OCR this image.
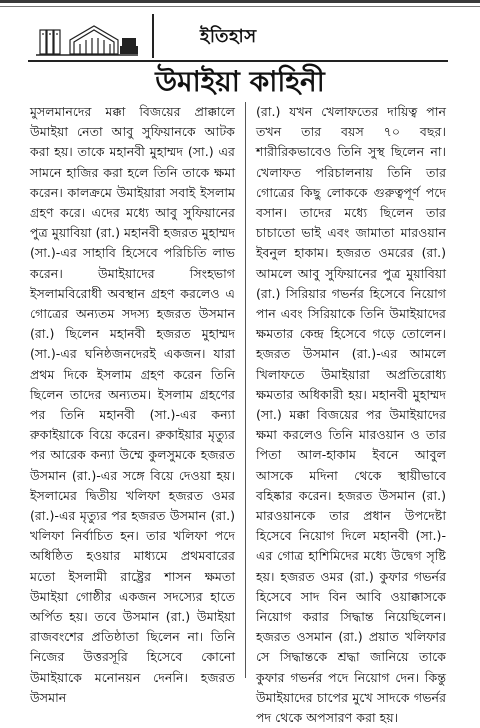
ইতিহাস
উমাইয়া কাহিনী

মুসলমানদের মক্কা বিজয়ের প্রাক্কালে উমাইয়া নেতা আবু সুফিয়ানকে আটক করা হয়। তাকে মহানবী মুহাম্মদ (সা.) এর সামনে হাজির করা হলে তিনি তাকে ক্ষমা করেন। কালক্রমে উমাইয়ারা সবাই ইসলাম গ্রহণ করে। এদের মধ্যে আবু সুফিয়ানের পুত্র মুয়াবিয়া (রা.) মহানবী হজরত মুহাম্মদ (সা.)-এর সাহাবি হিসেবে পরিচিতি লাভ করেন। উমাইয়াদের সিংহভাগ ইসলামবিরোধী অবস্থান গ্রহণ করলেও এ গোত্রের অন্যতম সদস্য হজরত উসমান (রা.) ছিলেন মহানবী হজরত মুহাম্মদ (সা.)-এর ঘনিষ্ঠজনদেরই একজন। যারা প্রথম দিকে ইসলাম গ্রহণ করেন তিনি ছিলেন তাদের অন্যতম। ইসলাম গ্রহণের পর তিনি মহানবী (সা.)-এর কন্যা রুকাইয়াকে বিয়ে করেন। রুকাইয়ার মৃত্যুর পর আরেক কন্যা উম্মে কুলসুমকে হজরত উসমান (রা.)-এর সঙ্গে বিয়ে দেওয়া হয়। ইসলামের দ্বিতীয় খলিফা হজরত ওমর (রা.)-এর মৃত্যুর পর হজরত উসমান (রা.) খলিফা নির্বাচিত হন। তার খলিফা পদে অধিষ্ঠিত হওয়ার মাধ্যমে প্রথমবারের মতো ইসলামী রাষ্ট্রের শাসন ক্ষমতা উমাইয়া গোষ্ঠীর একজন সদস্যের হাতে অর্পিত হয়। তবে উসমান (রা.) উমাইয়া রাজবংশের প্রতিষ্ঠাতা ছিলেন না। তিনি নিজের উত্তরসূরি হিসেবে কোনো উমাইয়াকে মনোনয়ন দেননি। হজরত উসমান

(রা.) যখন খেলাফতের দায়িত্ব পান তখন তার বয়স ৭০ বছর। শারীরিকভাবেও তিনি সুস্থ ছিলেন না। খেলাফত পরিচালনায় তিনি তার গোত্রের কিছু লোককে গুরুত্বপূর্ণ পদে বসান। তাদের মধ্যে ছিলেন তার চাচাতো ভাই এবং জামাতা মারওয়ান ইবনুল হাকাম। হজরত ওমরের (রা.) আমলে আবু সুফিয়ানের পুত্র মুয়াবিয়া (রা.) সিরিয়ার গভর্নর হিসেবে নিয়োগ পান এবং সিরিয়াকে তিনি উমাইয়াদের ক্ষমতার কেন্দ্র হিসেবে গড়ে তোলেন। হজরত উসমান (রা.)-এর আমলে খিলাফতে উমাইয়ারা অপ্রতিরোধ্য ক্ষমতার অধিকারী হয়। মহানবী মুহাম্মদ (সা.) মক্কা বিজয়ের পর উমাইয়াদের ক্ষমা করলেও তিনি মারওয়ান ও তার পিতা আল-হাকাম ইবনে আবুল আসকে মদিনা থেকে স্থায়ীভাবে বহিষ্কার করেন। হজরত উসমান (রা.) মারওয়ানকে তার প্রধান উপদেষ্টা হিসেবে নিয়োগ দিলে মহানবী (সা.)-এর গোত্র হাশিমিদের মধ্যে উদ্বেগ সৃষ্টি হয়। হজরত ওমর (রা.) কুফার গভর্নর হিসেবে সাদ বিন আবি ওয়াক্কাসকে নিয়োগ করার সিদ্ধান্ত নিয়েছিলেন। হজরত ওসমান (রা.) প্রয়াত খলিফার সে সিদ্ধান্তকে শ্রদ্ধা জানিয়ে তাকে কুফার গভর্নর পদে নিয়োগ দেন। কিন্তু উমাইয়াদের চাপের মুখে সাদকে গভর্নর পদ থেকে অপসারণ করা হয়।
